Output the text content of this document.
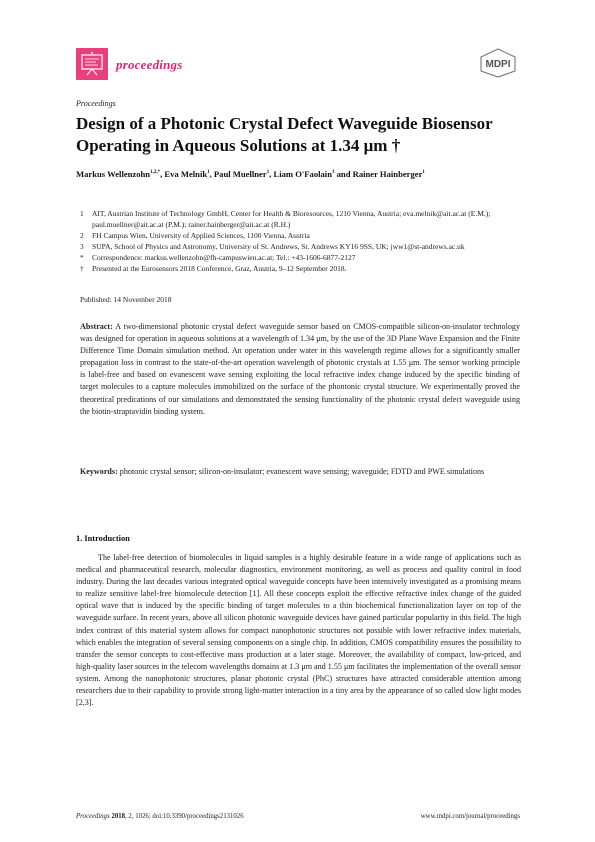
proceedings	MDPI
Proceedings
Design of a Photonic Crystal Defect Waveguide Biosensor Operating in Aqueous Solutions at 1.34 μm †
Markus Wellenzohn$^{1,2,*}$, Eva Melnik$^1$, Paul Muellner$^1$, Liam O'Faolain$^3$ and Rainer Hainberger$^1$
1	AIT, Austrian Institute of Technology GmbH, Center for Health & Bioresources, 1210 Vienna, Austria; eva.melnik@ait.ac.at (E.M.); paul.muellner@ait.ac.at (P.M.); rainer.hainberger@ait.ac.at (R.H.)
2	FH Campus Wien, University of Applied Sciences, 1100 Vienna, Austria
3	SUPA, School of Physics and Astronomy, University of St. Andrews, St. Andrews KY16 9SS, UK; jww1@st-andrews.ac.uk
*	Correspondence: markus.wellenzohn@fh-campuswien.ac.at; Tel.: +43-1606-6877-2127
†	Presented at the Eurosensors 2018 Conference, Graz, Austria, 9–12 September 2018.
Published: 14 November 2018
Abstract: A two-dimensional photonic crystal defect waveguide sensor based on CMOS-compatible silicon-on-insulator technology was designed for operation in aqueous solutions at a wavelength of 1.34 μm, by the use of the 3D Plane Wave Expansion and the Finite Difference Time Domain simulation method. An operation under water in this wavelength regime allows for a significantly smaller propagation loss in contrast to the state-of-the-art operation wavelength of photonic crystals at 1.55 μm. The sensor working principle is label-free and based on evanescent wave sensing exploiting the local refractive index change induced by the specific binding of target molecules to a capture molecules immobilized on the surface of the phontonic crystal structure. We experimentally proved the theoretical predications of our simulations and demonstrated the sensing functionality of the photonic crystal defect waveguide using the biotin-straptavidin binding system.
Keywords: photonic crystal sensor; silicon-on-insulator; evanescent wave sensing; waveguide; FDTD and PWE simulations
1. Introduction
The label-free detection of biomolecules in liquid samples is a highly desirable feature in a wide range of applications such as medical and pharmaceutical research, molecular diagnostics, environment monitoring, as well as process and quality control in food industry. During the last decades various integrated optical waveguide concepts have been intensively investigated as a promising means to realize sensitive label-free biomolecule detection [1]. All these concepts exploit the effective refractive index change of the guided optical wave that is induced by the specific binding of target molecules to a thin biochemical functionalization layer on top of the waveguide surface. In recent years, above all silicon photonic waveguide devices have gained particular popularity in this field. The high index contrast of this material system allows for compact nanophotonic structures not possible with lower refractive index materials, which enables the integration of several sensing components on a single chip. In addition, CMOS compatibility ensures the possibility to transfer the sensor concepts to cost-effective mass production at a later stage. Moreover, the availability of compact, low-priced, and high-quality laser sources in the telecom wavelengths domains at 1.3 μm and 1.55 μm facilitates the implementation of the overall sensor system. Among the nanophotonic structures, planar photonic crystal (PhC) structures have attracted considerable attention among researchers due to their capability to provide strong light-matter interaction in a tiny area by the appearance of so called slow light modes [2,3].
Proceedings 2018, 2, 1026; doi:10.3390/proceedings2131026	www.mdpi.com/journal/proceedings
